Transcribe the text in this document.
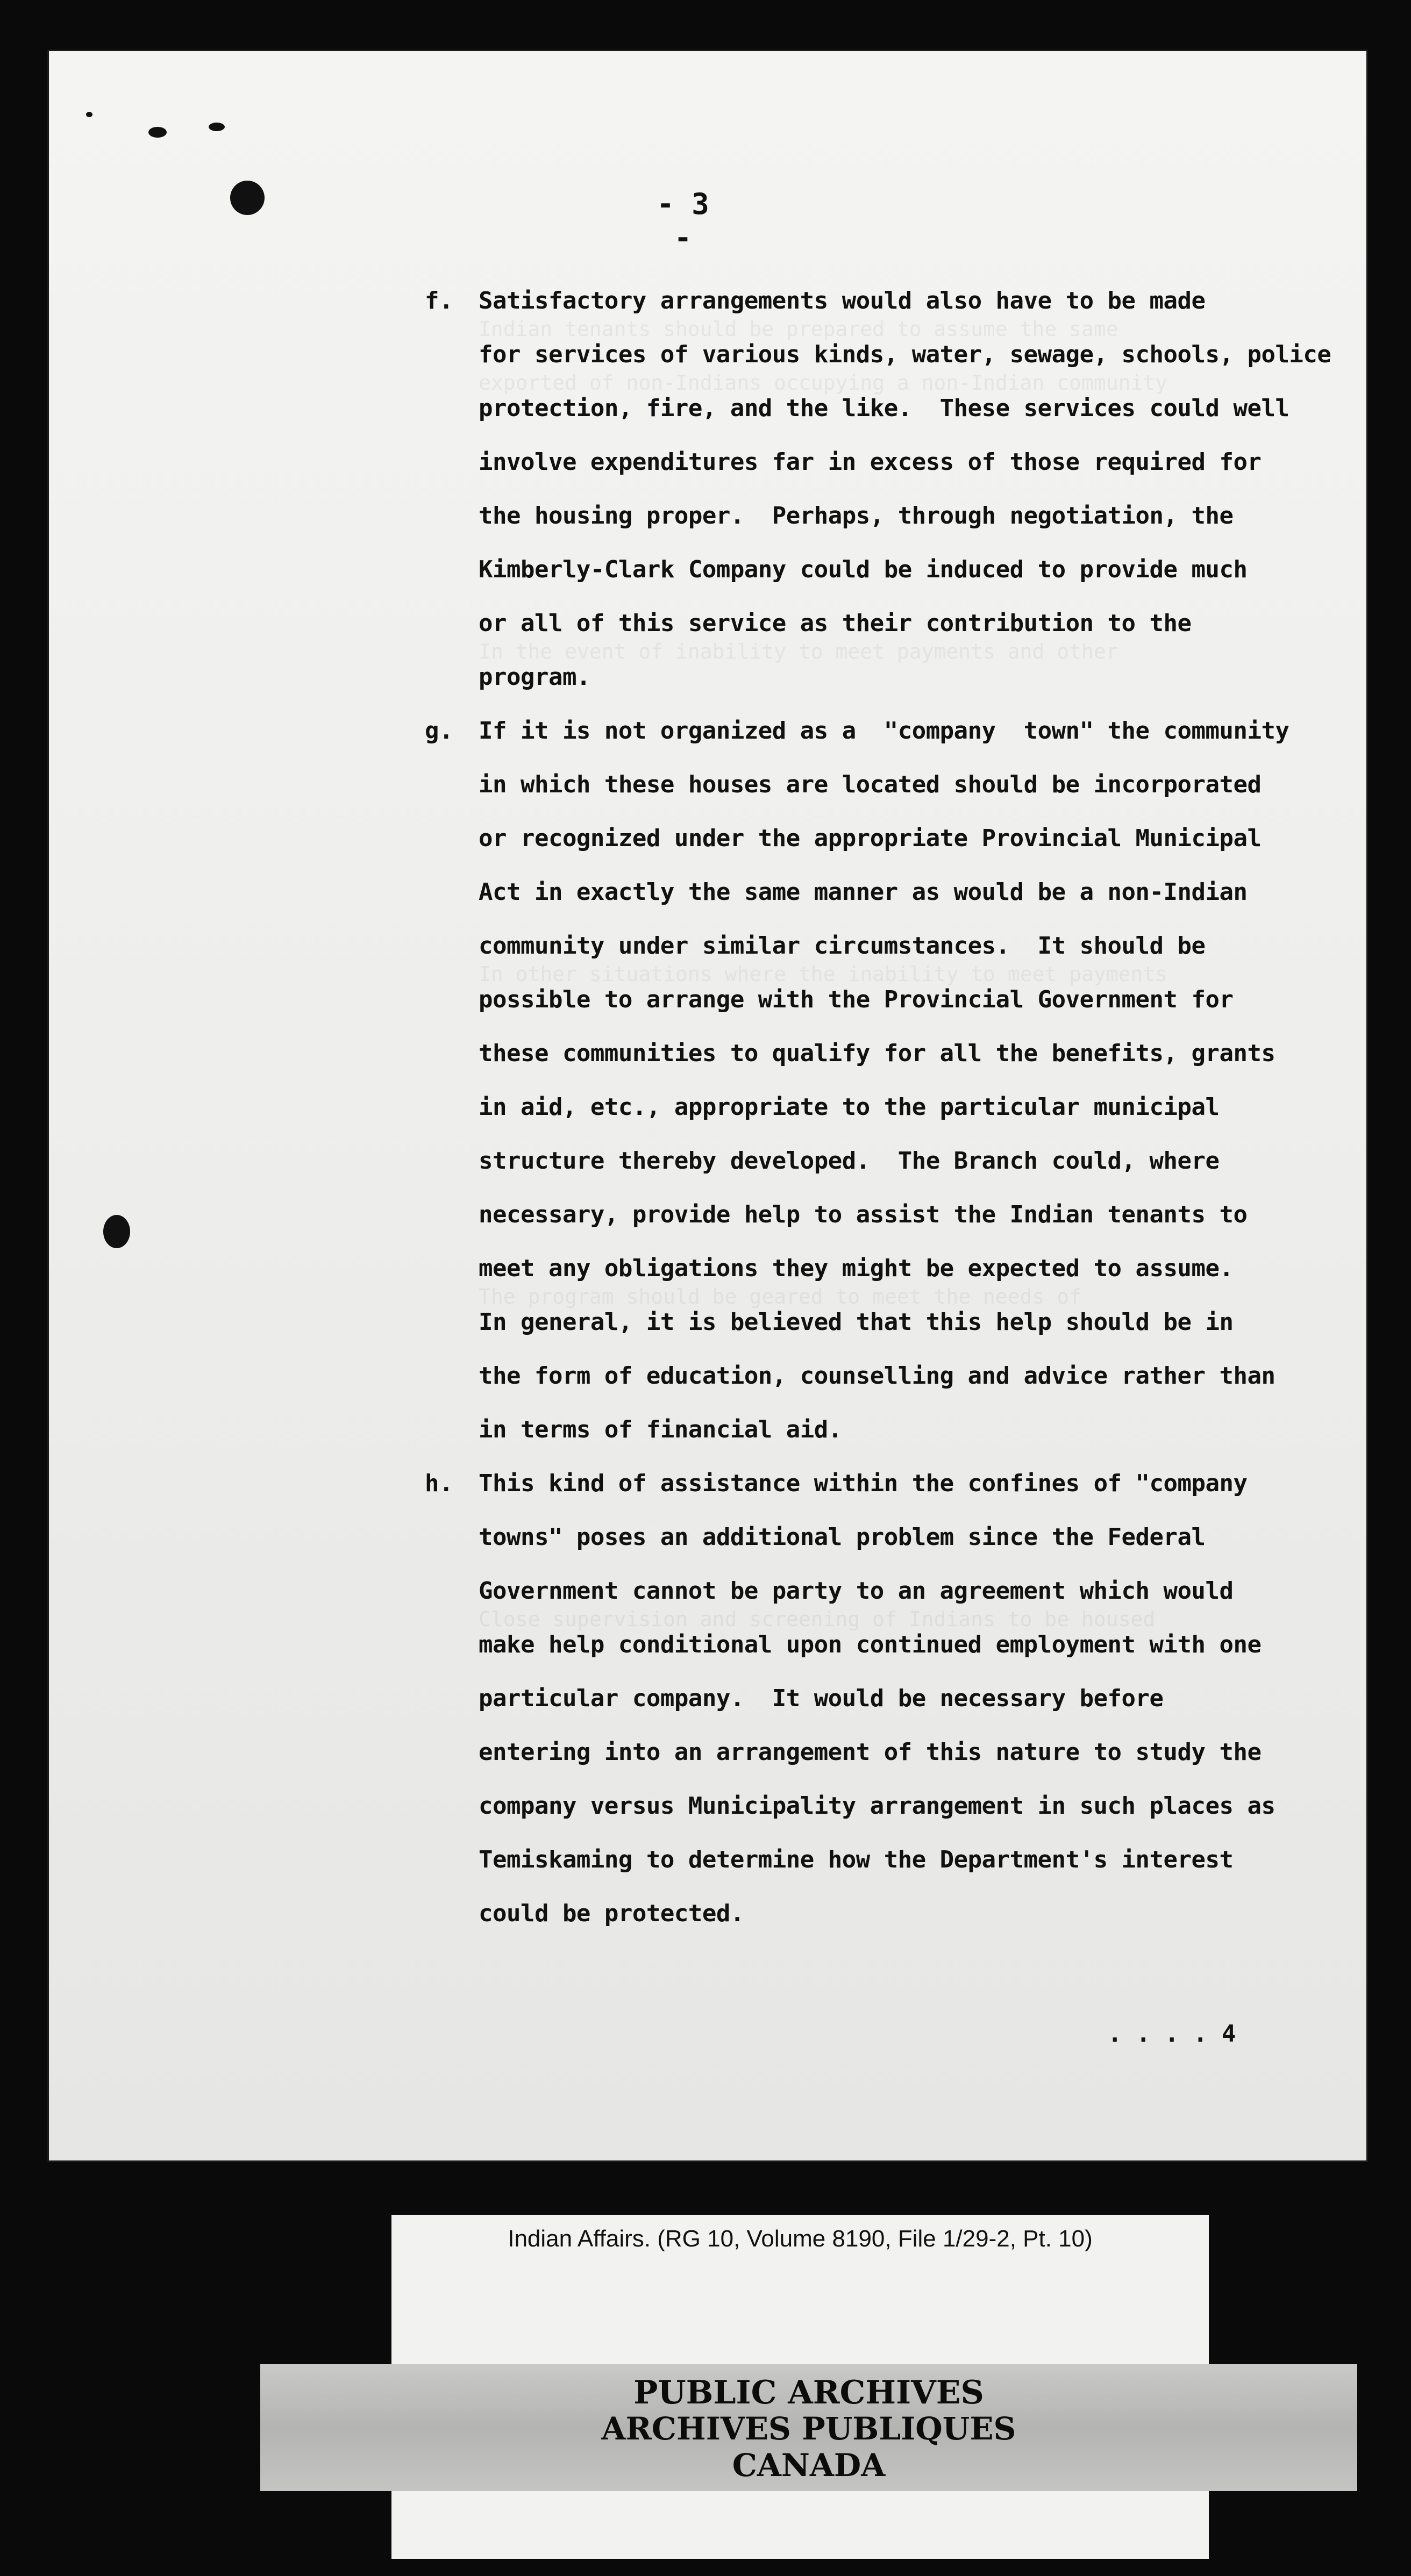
- 3 -
Indian tenants should be prepared to assume the same
exported of non-Indians occupying a non-Indian community
In the event of inability to meet payments and other
In other situations where the inability to meet payments
The program should be geared to meet the needs of
Close supervision and screening of Indians to be housed
f. Satisfactory arrangements would also have to be made
for services of various kinds, water, sewage, schools, police
protection, fire, and the like.  These services could well
involve expenditures far in excess of those required for
the housing proper.  Perhaps, through negotiation, the
Kimberly-Clark Company could be induced to provide much
or all of this service as their contribution to the
program.
g. If it is not organized as a  "company  town" the community
in which these houses are located should be incorporated
or recognized under the appropriate Provincial Municipal
Act in exactly the same manner as would be a non-Indian
community under similar circumstances.  It should be
possible to arrange with the Provincial Government for
these communities to qualify for all the benefits, grants
in aid, etc., appropriate to the particular municipal
structure thereby developed.  The Branch could, where
necessary, provide help to assist the Indian tenants to
meet any obligations they might be expected to assume.
In general, it is believed that this help should be in
the form of education, counselling and advice rather than
in terms of financial aid.
h. This kind of assistance within the confines of "company
towns" poses an additional problem since the Federal
Government cannot be party to an agreement which would
make help conditional upon continued employment with one
particular company.  It would be necessary before
entering into an arrangement of this nature to study the
company versus Municipality arrangement in such places as
Temiskaming to determine how the Department's interest
could be protected.
. . . . 4
Indian Affairs. (RG 10, Volume 8190, File 1/29-2, Pt. 10)
PUBLIC ARCHIVES
ARCHIVES PUBLIQUES
CANADA
